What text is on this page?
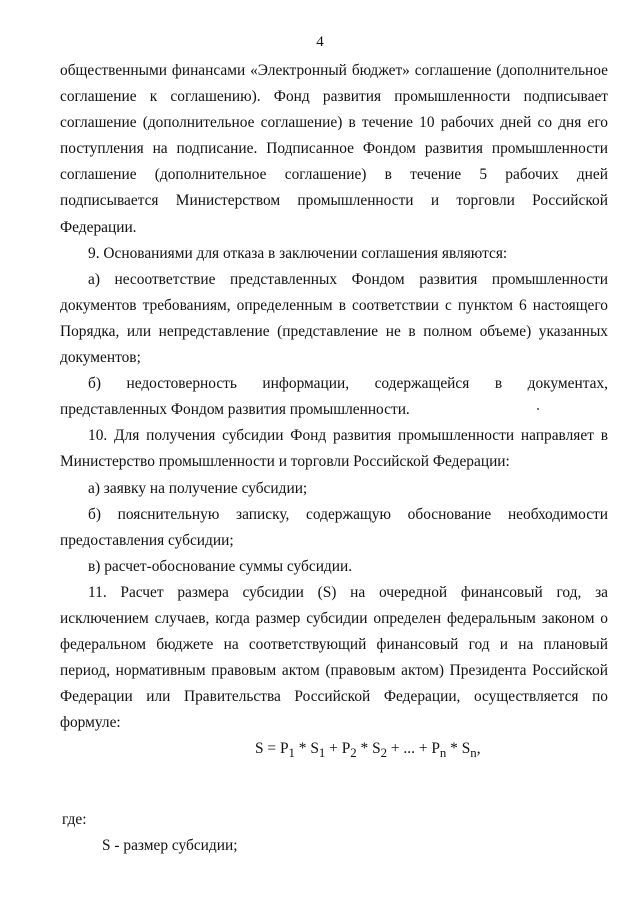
4

общественными финансами «Электронный бюджет» соглашение (дополнительное соглашение к соглашению). Фонд развития промышленности подписывает соглашение (дополнительное соглашение) в течение 10 рабочих дней со дня его поступления на подписание. Подписанное Фондом развития промышленности соглашение (дополнительное соглашение) в течение 5 рабочих дней подписывается Министерством промышленности и торговли Российской Федерации.

9. Основаниями для отказа в заключении соглашения являются:

а) несоответствие представленных Фондом развития промышленности документов требованиям, определенным в соответствии с пунктом 6 настоящего Порядка, или непредставление (представление не в полном объеме) указанных документов;

б) недостоверность информации, содержащейся в документах, представленных Фондом развития промышленности.

10. Для получения субсидии Фонд развития промышленности направляет в Министерство промышленности и торговли Российской Федерации:

а) заявку на получение субсидии;

б) пояснительную записку, содержащую обоснование необходимости предоставления субсидии;

в) расчет-обоснование суммы субсидии.

11. Расчет размера субсидии (S) на очередной финансовый год, за исключением случаев, когда размер субсидии определен федеральным законом о федеральном бюджете на соответствующий финансовый год и на плановый период, нормативным правовым актом (правовым актом) Президента Российской Федерации или Правительства Российской Федерации, осуществляется по формуле:

$S = P_1 * S_1 + P_2 * S_2$ + ... + $P_n * S_n$,

где:

S - размер субсидии;
